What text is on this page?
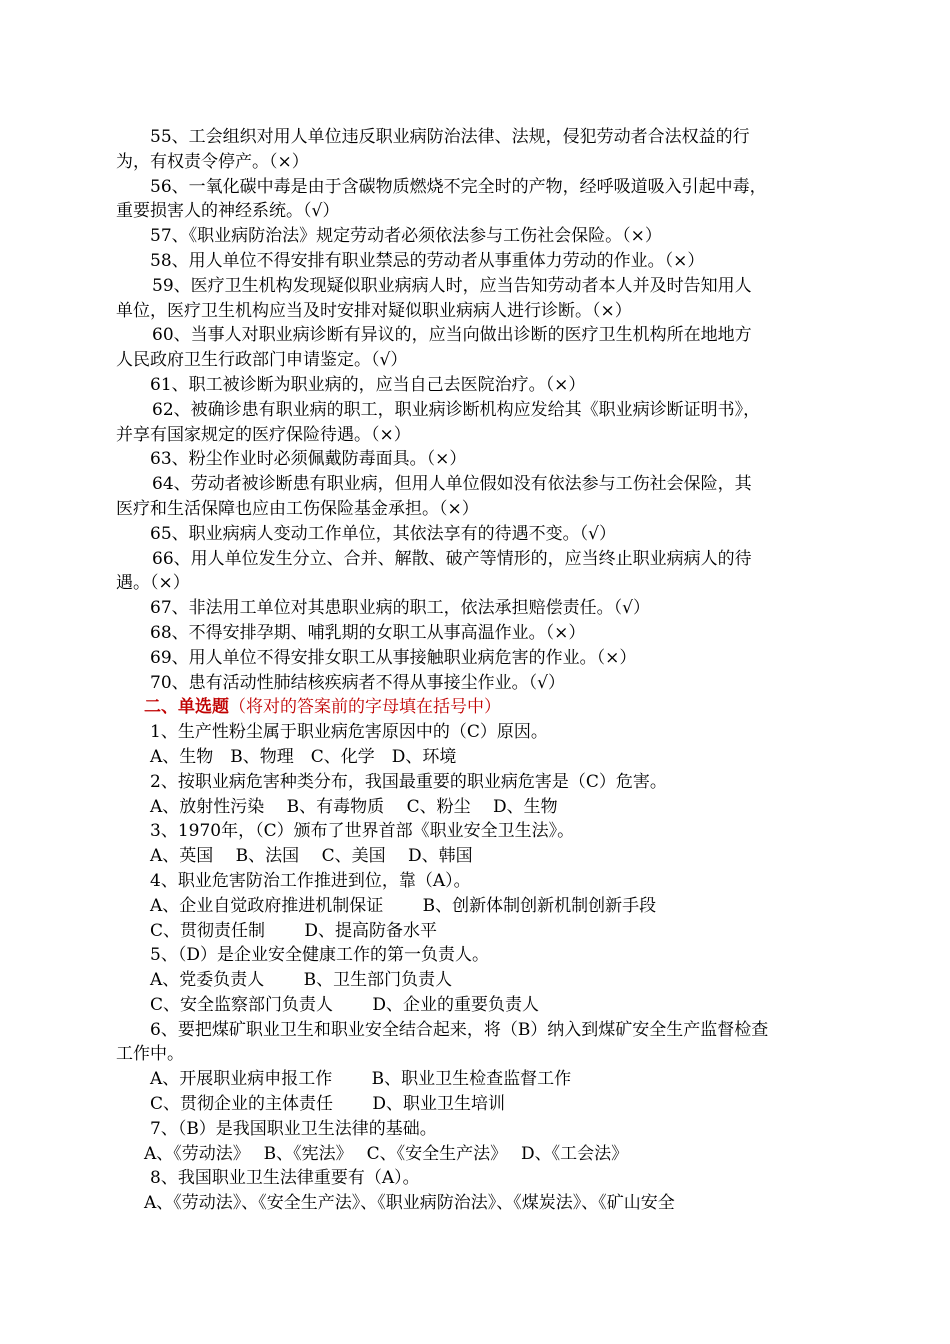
55、工会组织对用人单位违反职业病防治法律、法规，侵犯劳动者合法权益的行
为，有权责令停产。（×）
56、一氧化碳中毒是由于含碳物质燃烧不完全时的产物，经呼吸道吸入引起中毒，
重要损害人的神经系统。（√）
57、《职业病防治法》规定劳动者必须依法参与工伤社会保险。（×）
58、用人单位不得安排有职业禁忌的劳动者从事重体力劳动的作业。（×）
59、医疗卫生机构发现疑似职业病病人时，应当告知劳动者本人并及时告知用人
单位，医疗卫生机构应当及时安排对疑似职业病病人进行诊断。（×）
60、当事人对职业病诊断有异议的，应当向做出诊断的医疗卫生机构所在地地方
人民政府卫生行政部门申请鉴定。（√）
61、职工被诊断为职业病的，应当自己去医院治疗。（×）
62、被确诊患有职业病的职工，职业病诊断机构应发给其《职业病诊断证明书》，
并享有国家规定的医疗保险待遇。（×）
63、粉尘作业时必须佩戴防毒面具。（×）
64、劳动者被诊断患有职业病，但用人单位假如没有依法参与工伤社会保险，其
医疗和生活保障也应由工伤保险基金承担。（×）
65、职业病病人变动工作单位，其依法享有的待遇不变。（√）
66、用人单位发生分立、合并、解散、破产等情形的，应当终止职业病病人的待
遇。（×）
67、非法用工单位对其患职业病的职工，依法承担赔偿责任。（√）
68、不得安排孕期、哺乳期的女职工从事高温作业。（×）
69、用人单位不得安排女职工从事接触职业病危害的作业。（×）
70、患有活动性肺结核疾病者不得从事接尘作业。（√）
二、单选题（将对的答案前的字母填在括号中）
1、生产性粉尘属于职业病危害原因中的（C）原因。
A、生物　B、物理　C、化学　D、环境
2、按职业病危害种类分布，我国最重要的职业病危害是（C）危害。
A、放射性污染　 B、有毒物质　 C、粉尘　 D、生物
3、1970年，（C）颁布了世界首部《职业安全卫生法》。
A、英国　 B、法国　 C、美国　 D、韩国
4、职业危害防治工作推进到位，靠（A）。
A、企业自觉政府推进机制保证　　 B、创新体制创新机制创新手段
C、贯彻责任制　　 D、提高防备水平
5、（D）是企业安全健康工作的第一负责人。
A、党委负责人　　 B、卫生部门负责人
C、安全监察部门负责人　　 D、企业的重要负责人
6、要把煤矿职业卫生和职业安全结合起来，将（B）纳入到煤矿安全生产监督检查
工作中。
A、开展职业病申报工作　　 B、职业卫生检查监督工作
C、贯彻企业的主体责任　　 D、职业卫生培训
7、（B）是我国职业卫生法律的基础。
A、《劳动法》　 B、《宪法》　 C、《安全生产法》　 D、《工会法》
8、我国职业卫生法律重要有（A）。
A、《劳动法》、《安全生产法》、《职业病防治法》、《煤炭法》、《矿山安全
